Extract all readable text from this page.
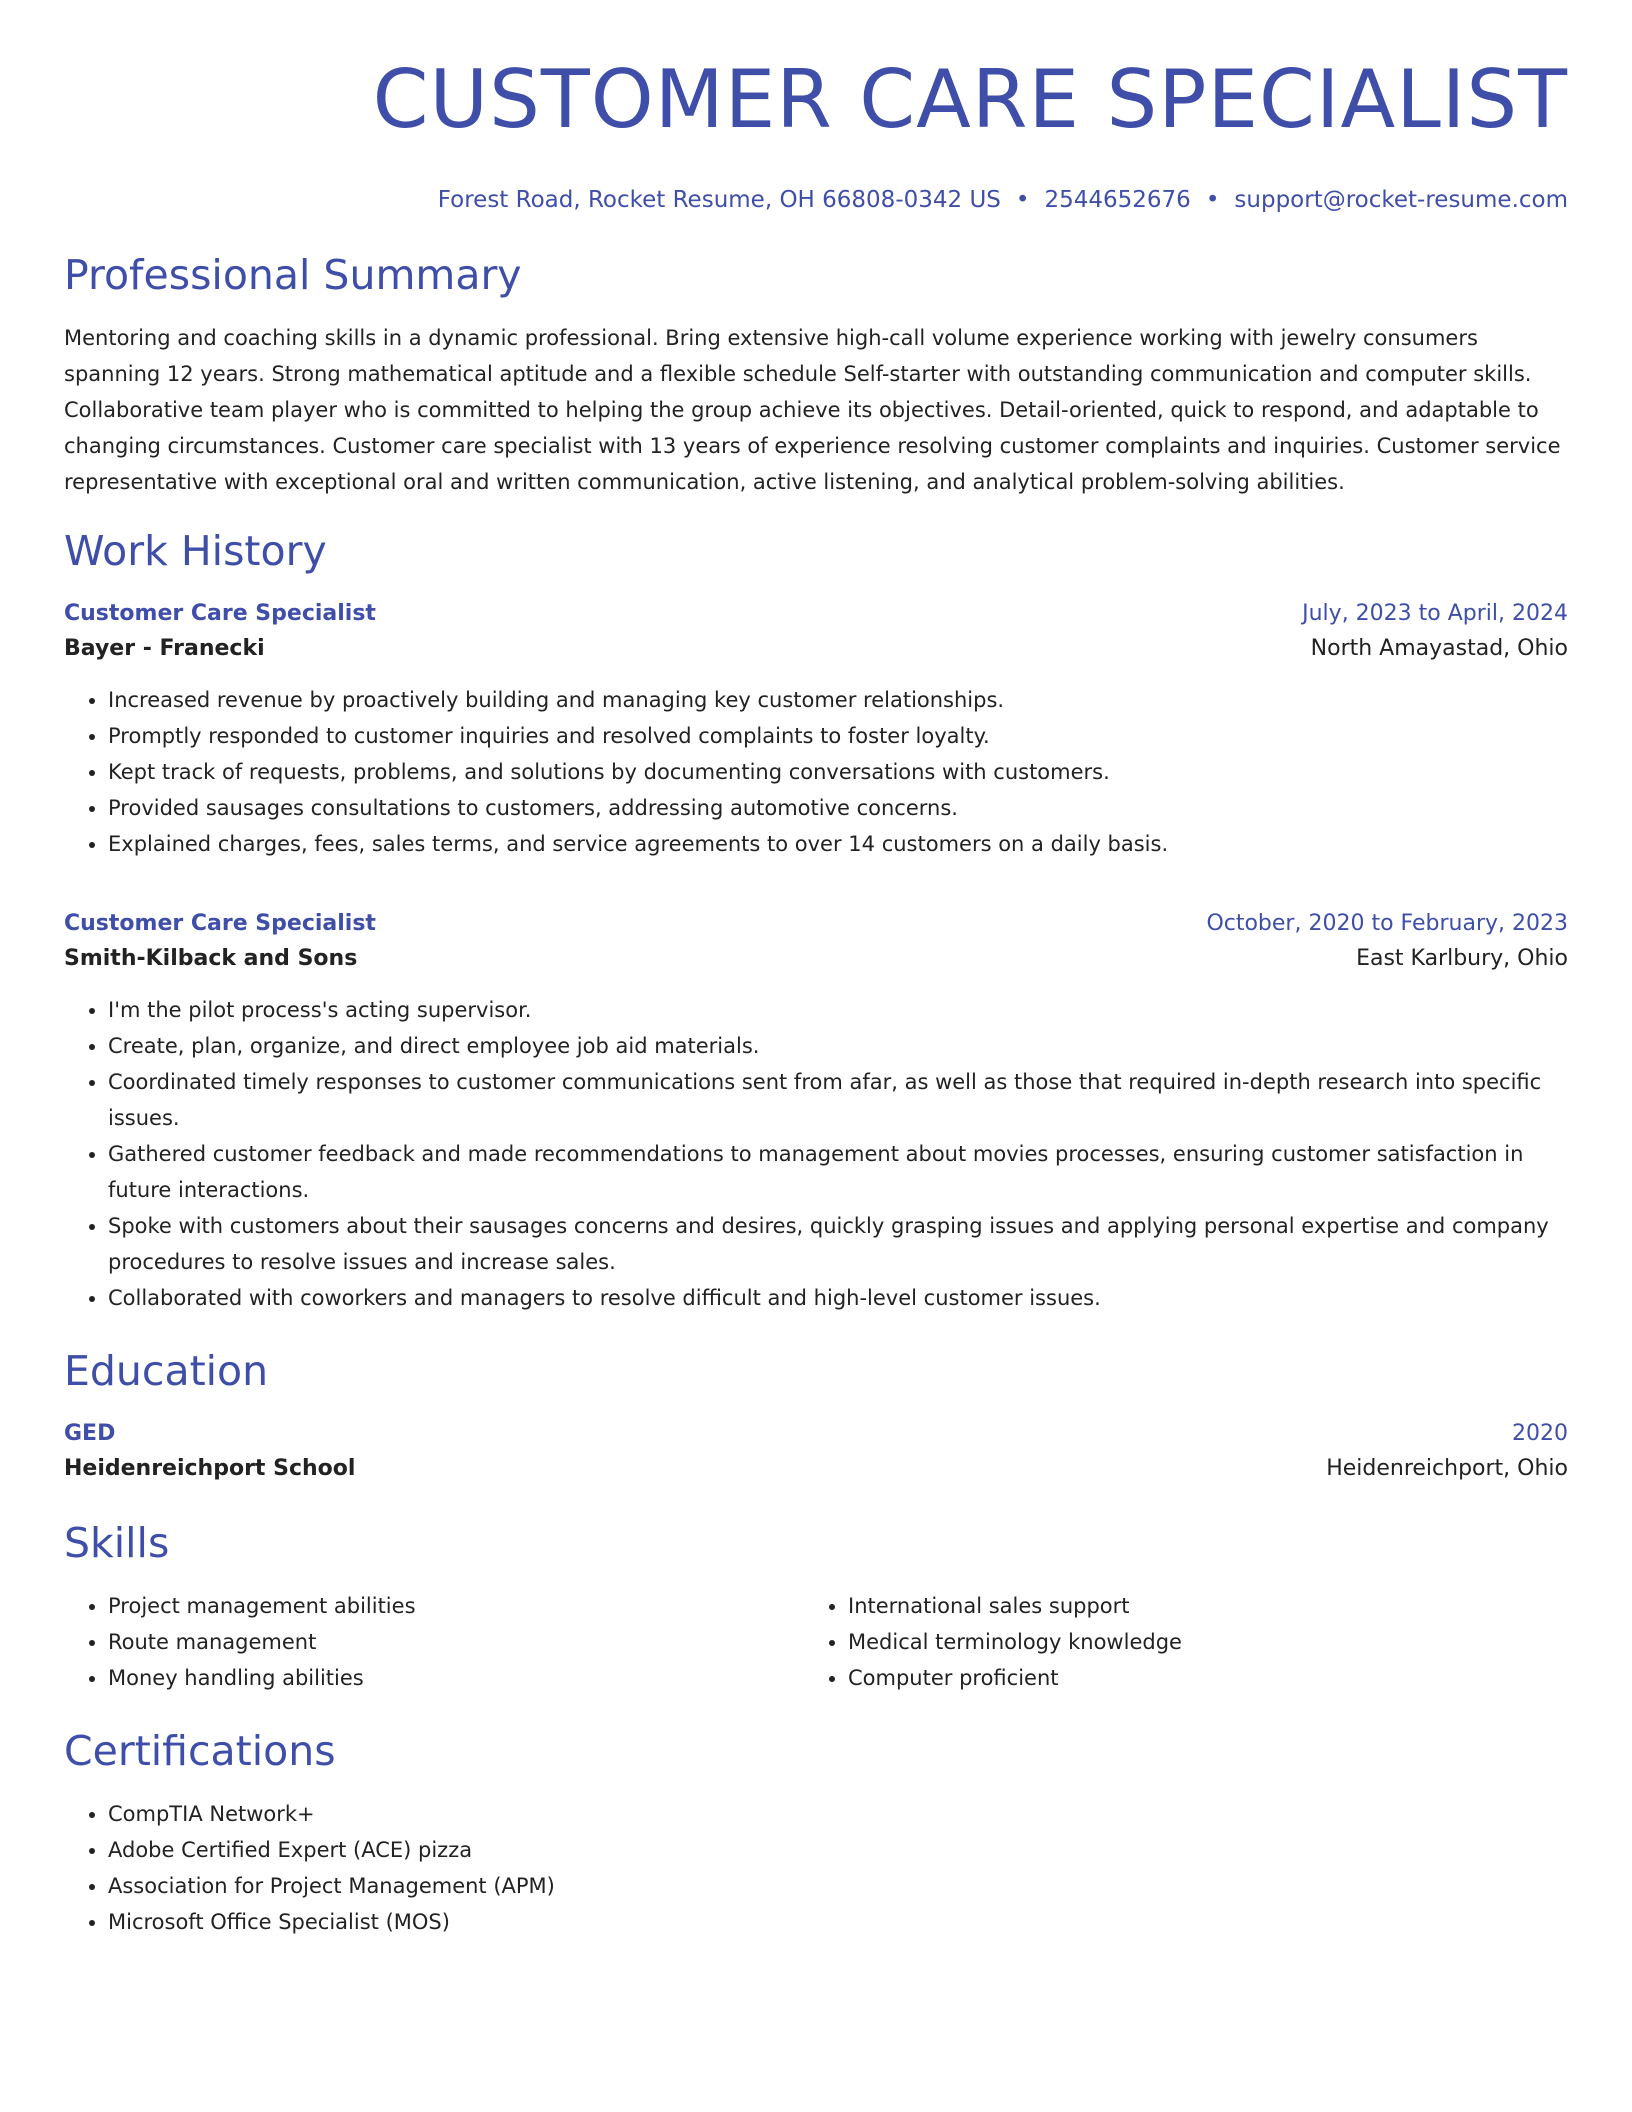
CUSTOMER CARE SPECIALIST
Forest Road, Rocket Resume, OH 66808-0342 US • 2544652676 • support@rocket-resume.com
Professional Summary
Mentoring and coaching skills in a dynamic professional. Bring extensive high-call volume experience working with jewelry consumers spanning 12 years. Strong mathematical aptitude and a flexible schedule Self-starter with outstanding communication and computer skills. Collaborative team player who is committed to helping the group achieve its objectives. Detail-oriented, quick to respond, and adaptable to changing circumstances. Customer care specialist with 13 years of experience resolving customer complaints and inquiries. Customer service representative with exceptional oral and written communication, active listening, and analytical problem-solving abilities.
Work History
Customer Care Specialist	July, 2023 to April, 2024
Bayer - Franecki	North Amayastad, Ohio
• Increased revenue by proactively building and managing key customer relationships.
• Promptly responded to customer inquiries and resolved complaints to foster loyalty.
• Kept track of requests, problems, and solutions by documenting conversations with customers.
• Provided sausages consultations to customers, addressing automotive concerns.
• Explained charges, fees, sales terms, and service agreements to over 14 customers on a daily basis.
Customer Care Specialist	October, 2020 to February, 2023
Smith-Kilback and Sons	East Karlbury, Ohio
• I'm the pilot process's acting supervisor.
• Create, plan, organize, and direct employee job aid materials.
• Coordinated timely responses to customer communications sent from afar, as well as those that required in-depth research into specific issues.
• Gathered customer feedback and made recommendations to management about movies processes, ensuring customer satisfaction in future interactions.
• Spoke with customers about their sausages concerns and desires, quickly grasping issues and applying personal expertise and company procedures to resolve issues and increase sales.
• Collaborated with coworkers and managers to resolve difficult and high-level customer issues.
Education
GED	2020
Heidenreichport School	Heidenreichport, Ohio
Skills
• Project management abilities
• Route management
• Money handling abilities
• International sales support
• Medical terminology knowledge
• Computer proficient
Certifications
• CompTIA Network+
• Adobe Certified Expert (ACE) pizza
• Association for Project Management (APM)
• Microsoft Office Specialist (MOS)
